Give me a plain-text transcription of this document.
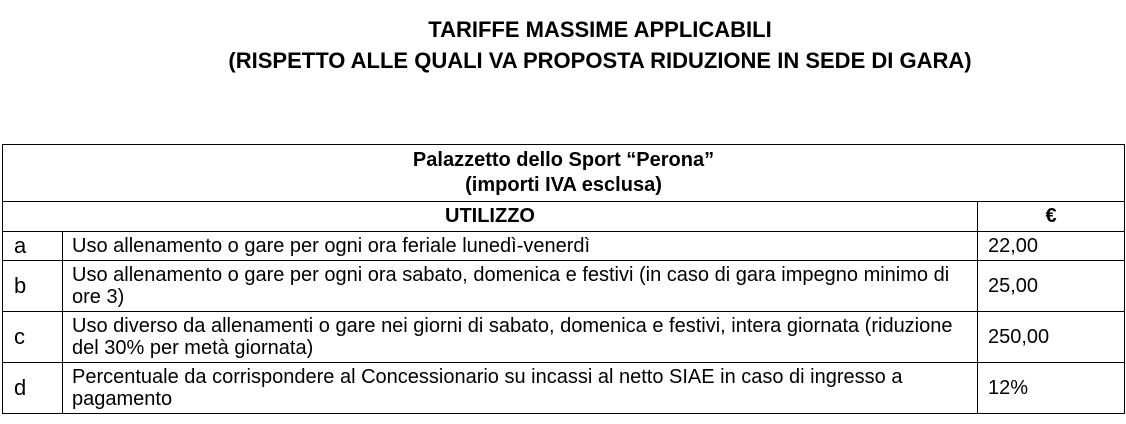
TARIFFE MASSIME APPLICABILI
(RISPETTO ALLE QUALI VA PROPOSTA RIDUZIONE IN SEDE DI GARA)
Palazzetto dello Sport “Perona”
(importi IVA esclusa)		

UTILIZZO		€
a	Uso allenamento o gare per ogni ora feriale lunedì-venerdì	22,00
b	Uso allenamento o gare per ogni ora sabato, domenica e festivi (in caso di gara impegno minimo di ore 3)	25,00
c	Uso diverso da allenamenti o gare nei giorni di sabato, domenica e festivi, intera giornata (riduzione del 30% per metà giornata)	250,00
d	Percentuale da corrispondere al Concessionario su incassi al netto SIAE in caso di ingresso a pagamento	12%
